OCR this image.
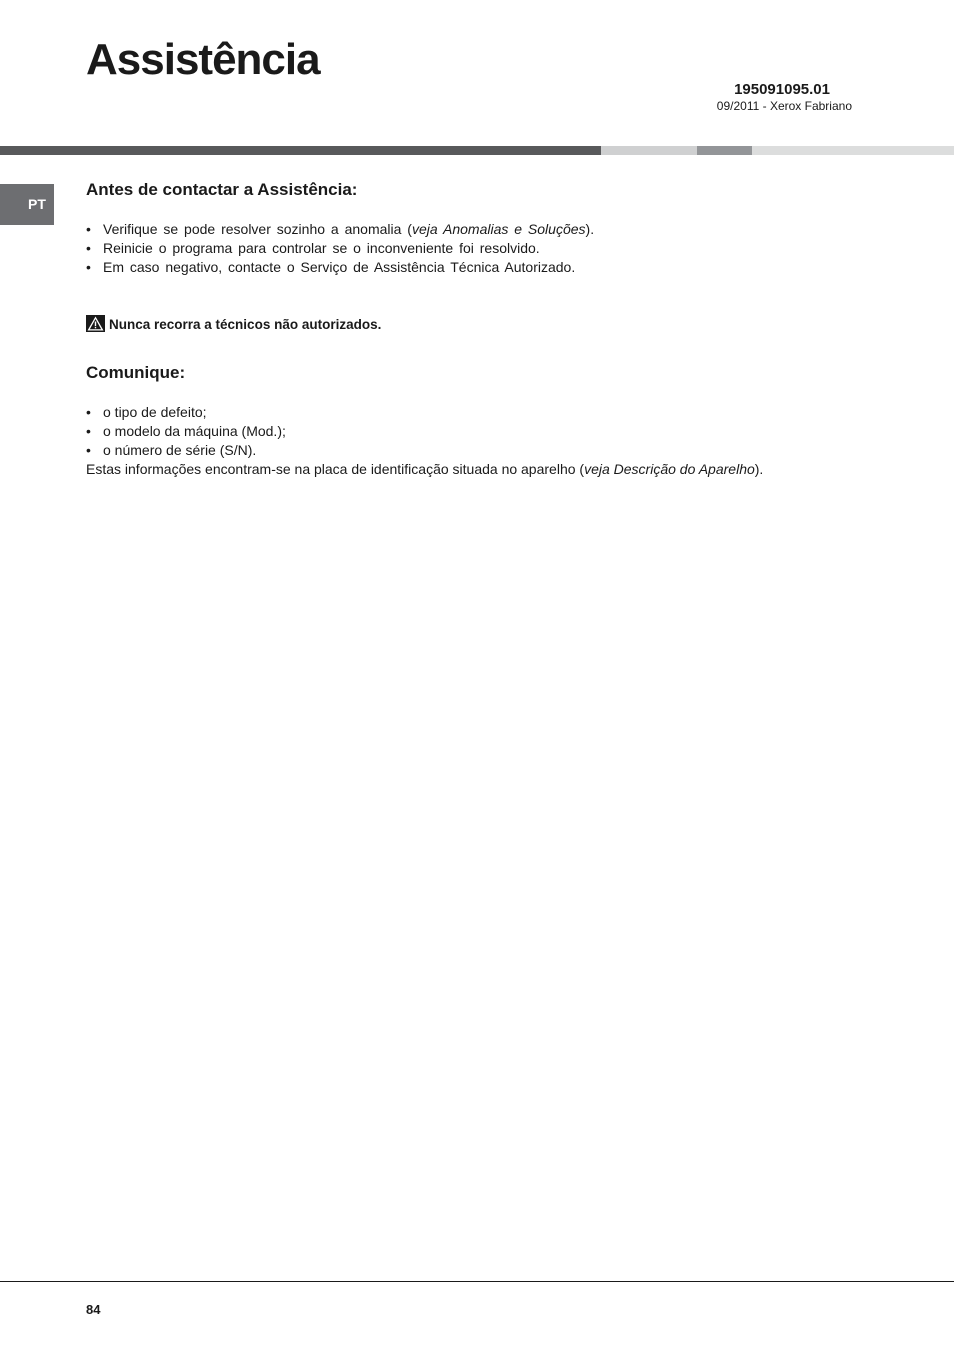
Assistência
195091095.01
09/2011 - Xerox Fabriano
PT
Antes de contactar a Assistência:
• Verifique se pode resolver sozinho a anomalia (veja Anomalias e Soluções).
• Reinicie o programa para controlar se o inconveniente foi resolvido.
• Em caso negativo, contacte o Serviço de Assistência Técnica Autorizado.
Nunca recorra a técnicos não autorizados.
Comunique:
• o tipo de defeito;
• o modelo da máquina (Mod.);
• o número de série (S/N).
Estas informações encontram-se na placa de identificação situada no aparelho (veja Descrição do Aparelho).
84
